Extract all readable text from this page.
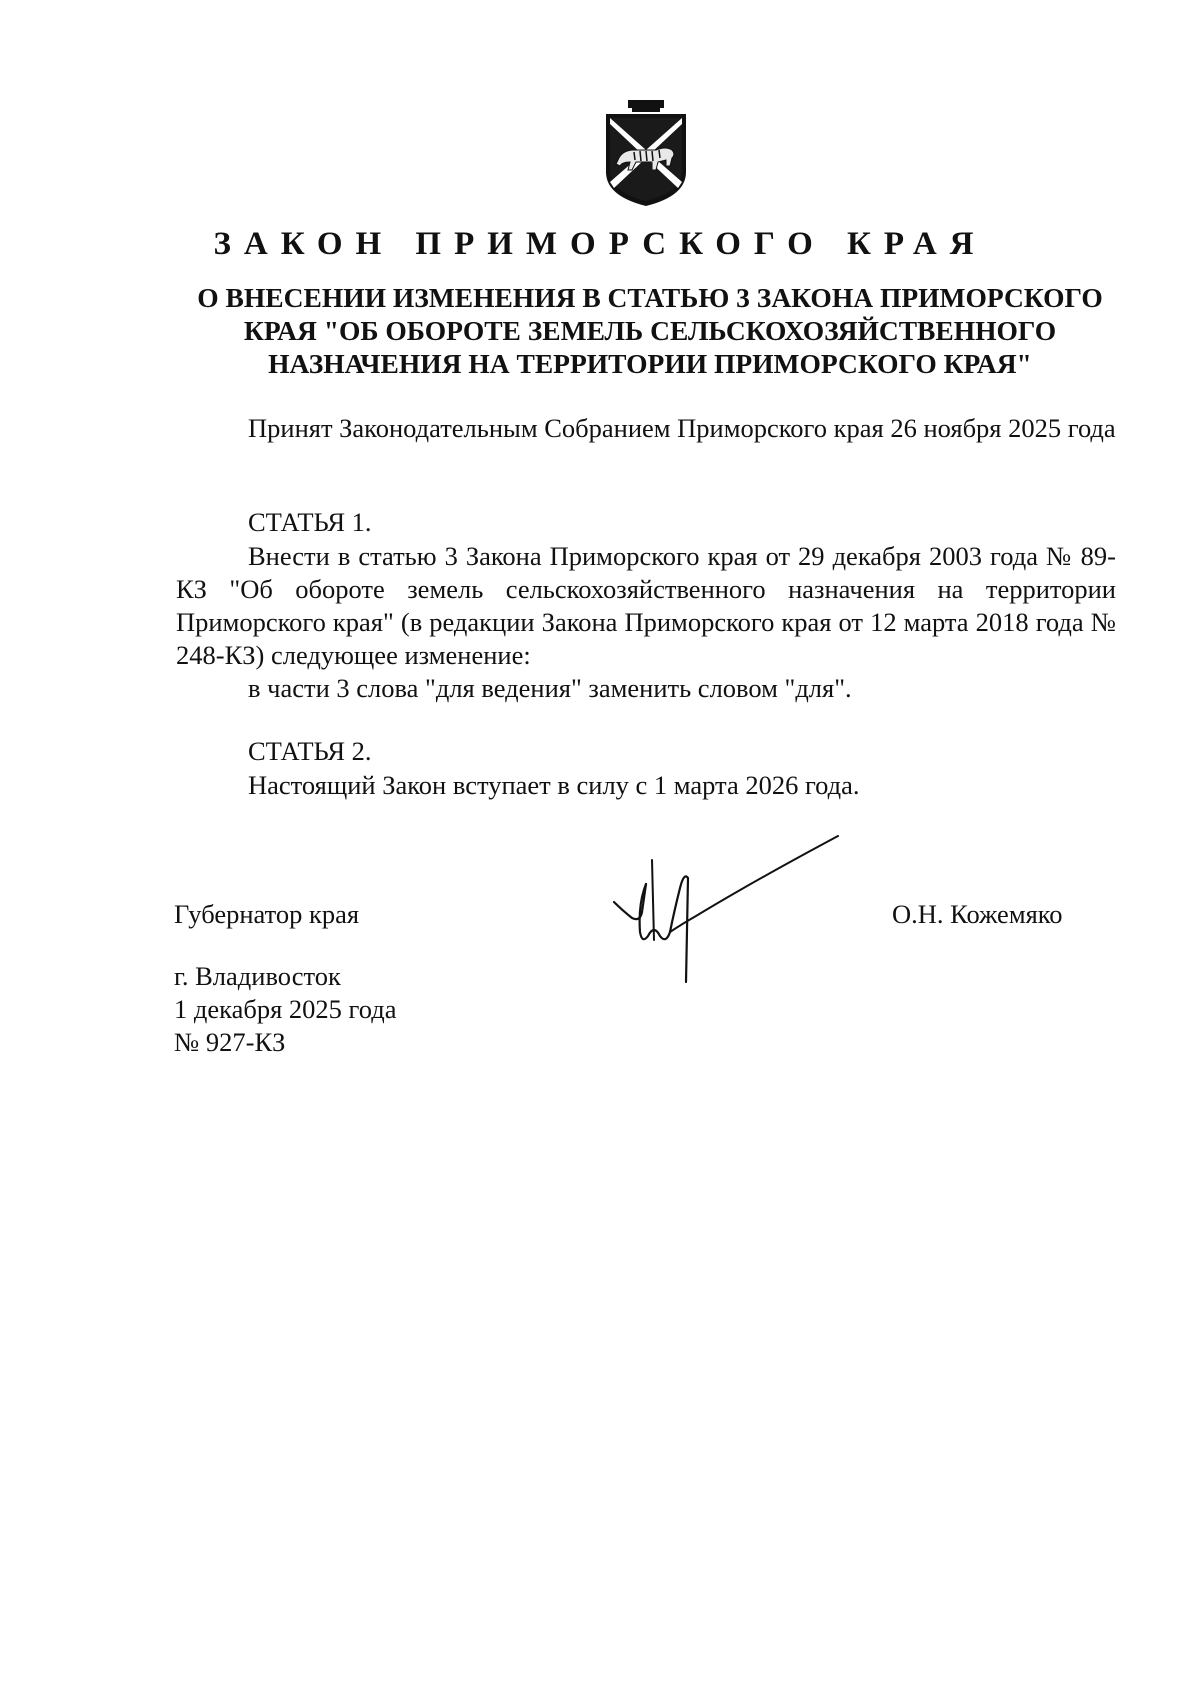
ЗАКОН ПРИМОРСКОГО КРАЯ
О ВНЕСЕНИИ ИЗМЕНЕНИЯ В СТАТЬЮ 3 ЗАКОНА ПРИМОРСКОГО
КРАЯ "ОБ ОБОРОТЕ ЗЕМЕЛЬ СЕЛЬСКОХОЗЯЙСТВЕННОГО
НАЗНАЧЕНИЯ НА ТЕРРИТОРИИ ПРИМОРСКОГО КРАЯ"

Принят Законодательным Собранием Приморского края 26 ноября 2025 года

СТАТЬЯ 1.

Внести в статью 3 Закона Приморского края от 29 декабря 2003 года № 89-КЗ "Об обороте земель сельскохозяйственного назначения на территории Приморского края" (в редакции Закона Приморского края от 12 марта 2018 года № 248-КЗ) следующее изменение:

в части 3 слова "для ведения" заменить словом "для".

СТАТЬЯ 2.

Настоящий Закон вступает в силу с 1 марта 2026 года.

Губернатор края	О.Н. Кожемяко

г. Владивосток

1 декабря 2025 года

№ 927-КЗ
